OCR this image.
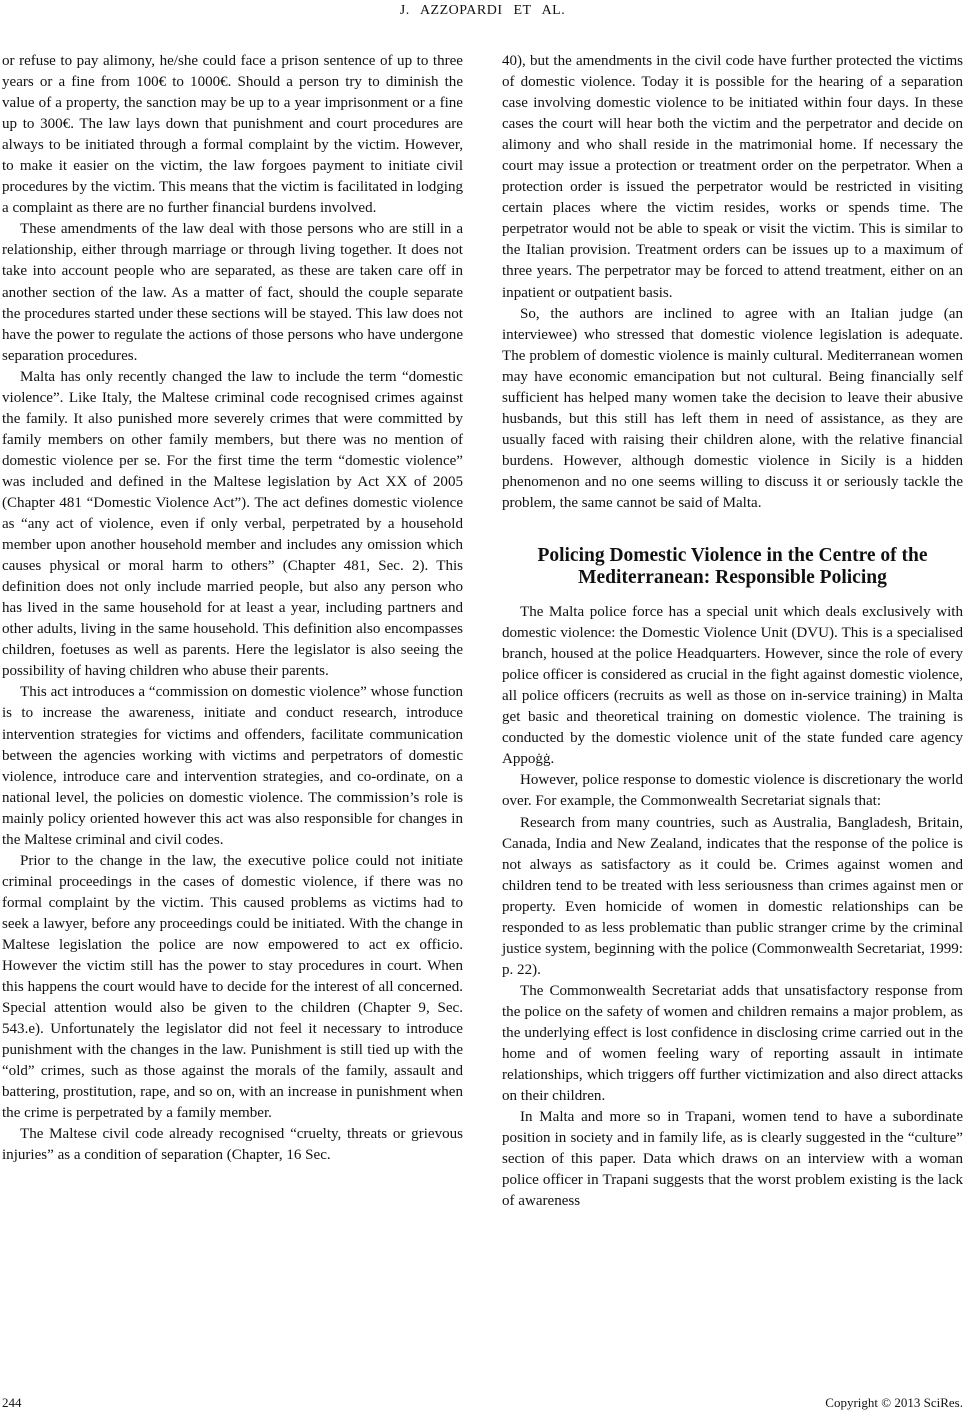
J. AZZOPARDI ET AL.

or refuse to pay alimony, he/she could face a prison sentence of up to three years or a fine from 100€ to 1000€. Should a person try to diminish the value of a property, the sanction may be up to a year imprisonment or a fine up to 300€. The law lays down that punishment and court procedures are always to be initiated through a formal complaint by the victim. However, to make it easier on the victim, the law forgoes payment to initiate civil procedures by the victim. This means that the victim is facilitated in lodging a complaint as there are no further financial burdens involved.

These amendments of the law deal with those persons who are still in a relationship, either through marriage or through living together. It does not take into account people who are separated, as these are taken care off in another section of the law. As a matter of fact, should the couple separate the procedures started under these sections will be stayed. This law does not have the power to regulate the actions of those persons who have undergone separation procedures.

Malta has only recently changed the law to include the term “domestic violence”. Like Italy, the Maltese criminal code recognised crimes against the family. It also punished more severely crimes that were committed by family members on other family members, but there was no mention of domestic violence per se. For the first time the term “domestic violence” was included and defined in the Maltese legislation by Act XX of 2005 (Chapter 481 “Domestic Violence Act”). The act defines domestic violence as “any act of violence, even if only verbal, perpetrated by a household member upon another household member and includes any omission which causes physical or moral harm to others” (Chapter 481, Sec. 2). This definition does not only include married people, but also any person who has lived in the same household for at least a year, including partners and other adults, living in the same household. This definition also encompasses children, foetuses as well as parents. Here the legislator is also seeing the possibility of having children who abuse their parents.

This act introduces a “commission on domestic violence” whose function is to increase the awareness, initiate and conduct research, introduce intervention strategies for victims and offenders, facilitate communication between the agencies working with victims and perpetrators of domestic violence, introduce care and intervention strategies, and co-ordinate, on a national level, the policies on domestic violence. The commission’s role is mainly policy oriented however this act was also responsible for changes in the Maltese criminal and civil codes.

Prior to the change in the law, the executive police could not initiate criminal proceedings in the cases of domestic violence, if there was no formal complaint by the victim. This caused problems as victims had to seek a lawyer, before any proceedings could be initiated. With the change in Maltese legislation the police are now empowered to act ex officio. However the victim still has the power to stay procedures in court. When this happens the court would have to decide for the interest of all concerned. Special attention would also be given to the children (Chapter 9, Sec. 543.e). Unfortunately the legislator did not feel it necessary to introduce punishment with the changes in the law. Punishment is still tied up with the “old” crimes, such as those against the morals of the family, assault and battering, prostitution, rape, and so on, with an increase in punishment when the crime is perpetrated by a family member.

The Maltese civil code already recognised “cruelty, threats or grievous injuries” as a condition of separation (Chapter, 16 Sec.

40), but the amendments in the civil code have further protected the victims of domestic violence. Today it is possible for the hearing of a separation case involving domestic violence to be initiated within four days. In these cases the court will hear both the victim and the perpetrator and decide on alimony and who shall reside in the matrimonial home. If necessary the court may issue a protection or treatment order on the perpetrator. When a protection order is issued the perpetrator would be restricted in visiting certain places where the victim resides, works or spends time. The perpetrator would not be able to speak or visit the victim. This is similar to the Italian provision. Treatment orders can be issues up to a maximum of three years. The perpetrator may be forced to attend treatment, either on an inpatient or outpatient basis.

So, the authors are inclined to agree with an Italian judge (an interviewee) who stressed that domestic violence legislation is adequate. The problem of domestic violence is mainly cultural. Mediterranean women may have economic emancipation but not cultural. Being financially self sufficient has helped many women take the decision to leave their abusive husbands, but this still has left them in need of assistance, as they are usually faced with raising their children alone, with the relative financial burdens. However, although domestic violence in Sicily is a hidden phenomenon and no one seems willing to discuss it or seriously tackle the problem, the same cannot be said of Malta.

Policing Domestic Violence in the Centre of the Mediterranean: Responsible Policing

The Malta police force has a special unit which deals exclusively with domestic violence: the Domestic Violence Unit (DVU). This is a specialised branch, housed at the police Headquarters. However, since the role of every police officer is considered as crucial in the fight against domestic violence, all police officers (recruits as well as those on in-service training) in Malta get basic and theoretical training on domestic violence. The training is conducted by the domestic violence unit of the state funded care agency Appoġġ.

However, police response to domestic violence is discretionary the world over. For example, the Commonwealth Secretariat signals that:

Research from many countries, such as Australia, Bangladesh, Britain, Canada, India and New Zealand, indicates that the response of the police is not always as satisfactory as it could be. Crimes against women and children tend to be treated with less seriousness than crimes against men or property. Even homicide of women in domestic relationships can be responded to as less problematic than public stranger crime by the criminal justice system, beginning with the police (Commonwealth Secretariat, 1999: p. 22).

The Commonwealth Secretariat adds that unsatisfactory response from the police on the safety of women and children remains a major problem, as the underlying effect is lost confidence in disclosing crime carried out in the home and of women feeling wary of reporting assault in intimate relationships, which triggers off further victimization and also direct attacks on their children.

In Malta and more so in Trapani, women tend to have a subordinate position in society and in family life, as is clearly suggested in the “culture” section of this paper. Data which draws on an interview with a woman police officer in Trapani suggests that the worst problem existing is the lack of awareness

244	Copyright © 2013 SciRes.
